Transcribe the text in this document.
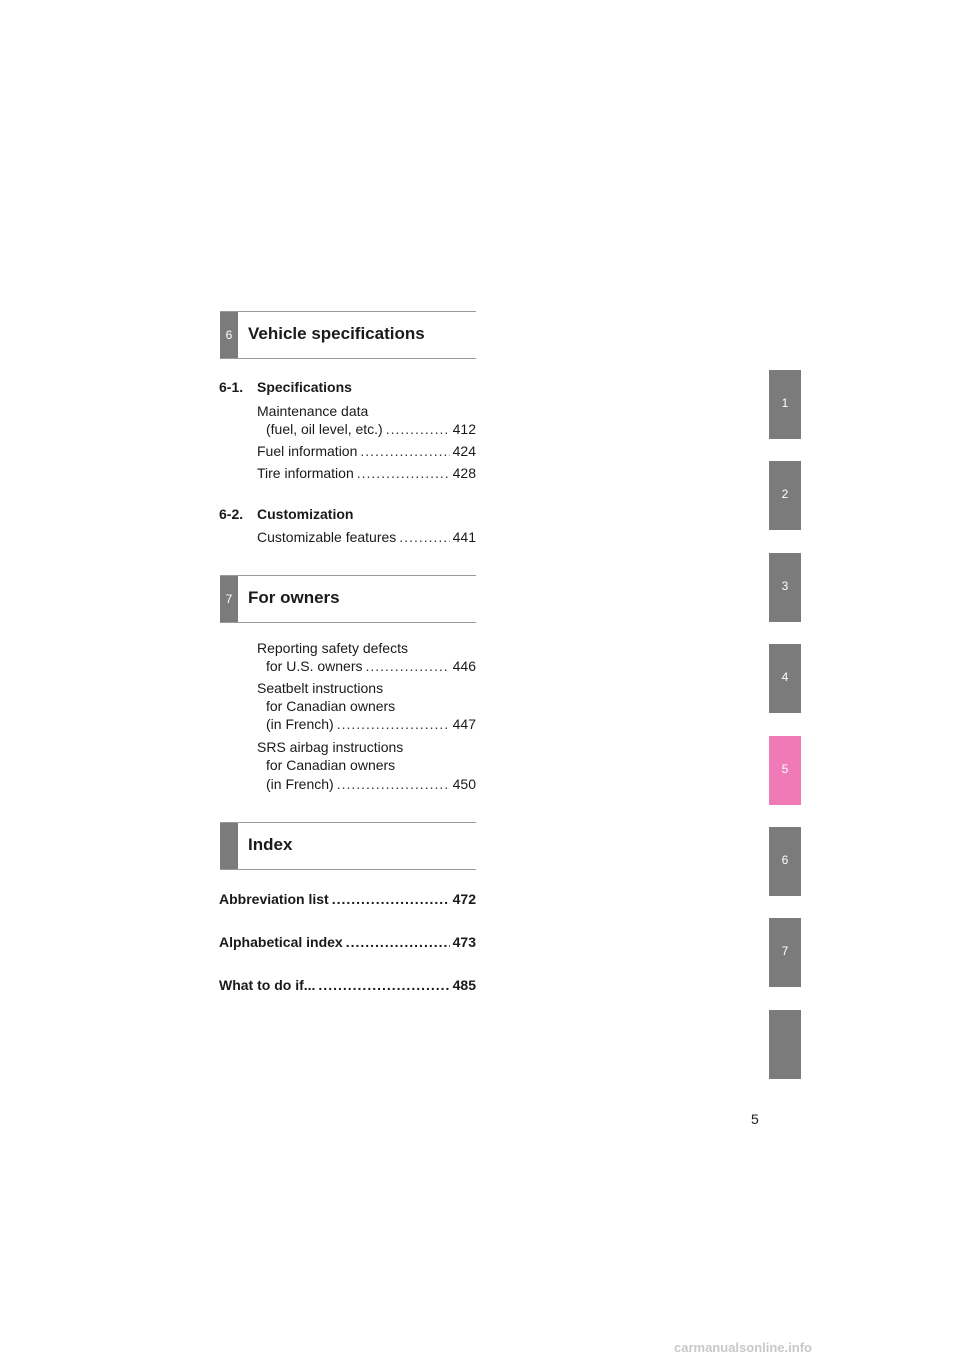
6 Vehicle specifications
6-1. Specifications
Maintenance data
(fuel, oil level, etc.) .....	412
Fuel information .....	424
Tire information .....	428
6-2. Customization
Customizable features .....	441
7 For owners
Reporting safety defects
for U.S. owners .....	446
Seatbelt instructions
for Canadian owners
(in French) .....	447
SRS airbag instructions
for Canadian owners
(in French) .....	450
Index
Abbreviation list .....	472
Alphabetical index .....	473
What to do if... .....	485
1
2
3
4
5
6
7
5
carmanualsonline.info
